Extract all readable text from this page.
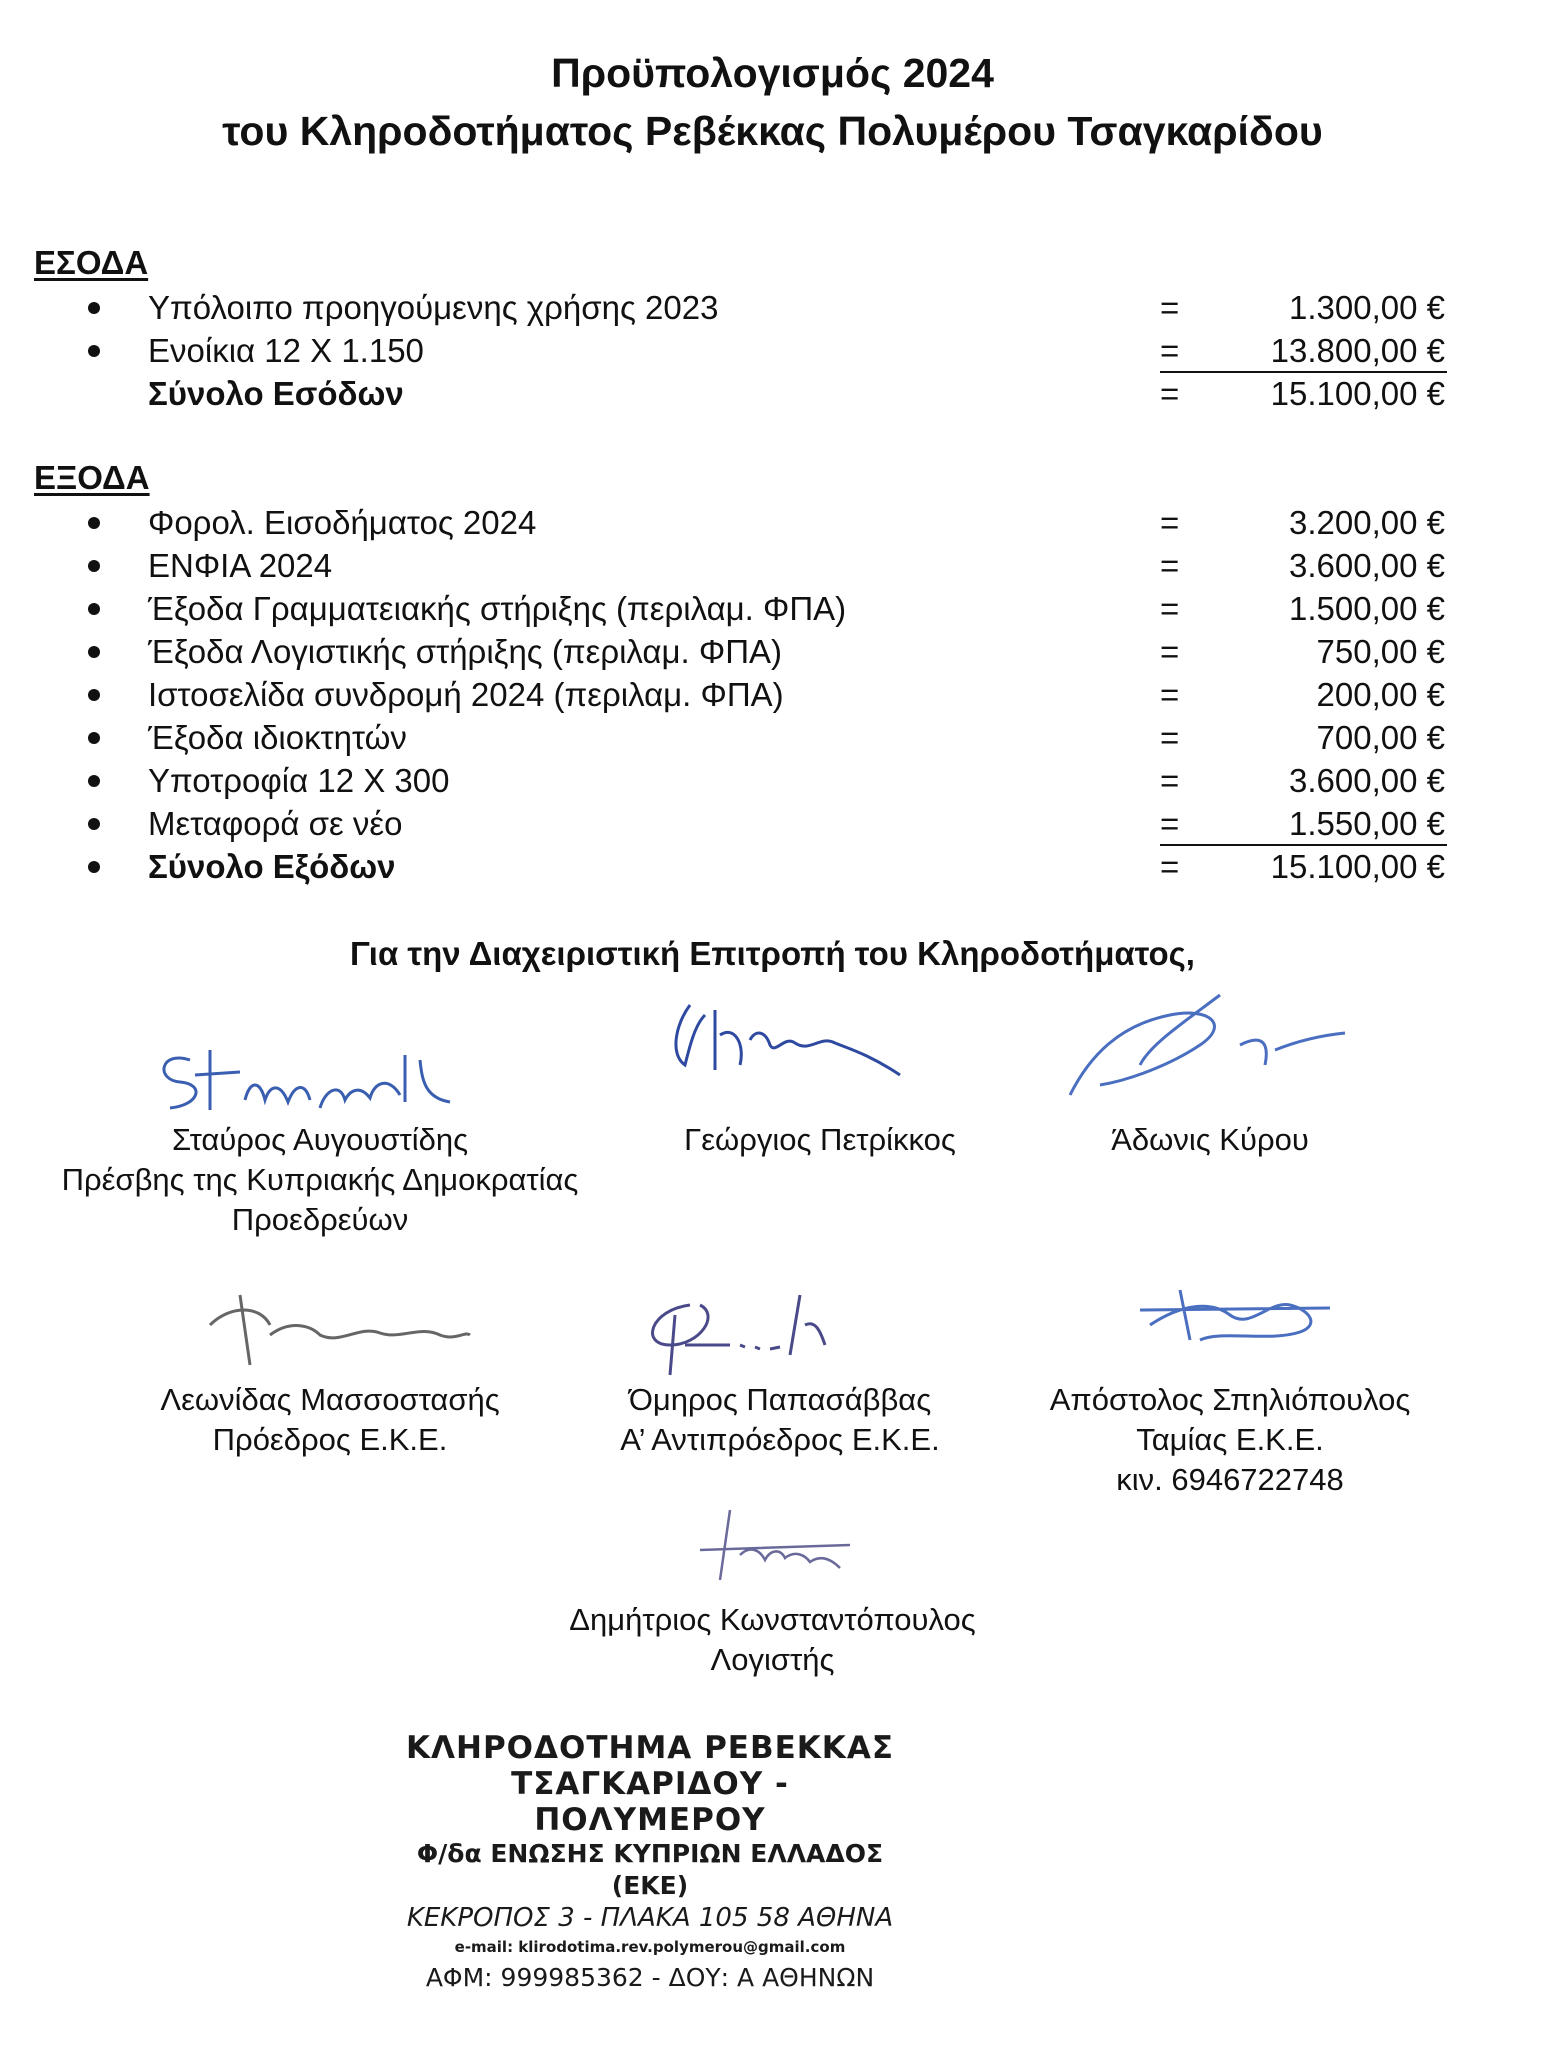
Προϋπολογισμός 2024
του Κληροδοτήματος Ρεβέκκας Πολυμέρου Τσαγκαρίδου
ΕΣΟΔΑ
Υπόλοιπο προηγούμενης χρήσης 2023	=	1.300,00 €
Ενοίκια 12 Χ 1.150	=	13.800,00 €
Σύνολο Εσόδων	=	15.100,00 €
ΕΞΟΔΑ
Φορολ. Εισοδήματος 2024	=	3.200,00 €
ΕΝΦΙΑ 2024	=	3.600,00 €
Έξοδα Γραμματειακής στήριξης (περιλαμ. ΦΠΑ)	=	1.500,00 €
Έξοδα Λογιστικής στήριξης (περιλαμ. ΦΠΑ)	=	750,00 €
Ιστοσελίδα συνδρομή 2024 (περιλαμ. ΦΠΑ)	=	200,00 €
Έξοδα ιδιοκτητών	=	700,00 €
Υποτροφία 12 Χ 300	=	3.600,00 €
Μεταφορά σε νέο	=	1.550,00 €
Σύνολο Εξόδων	=	15.100,00 €
Για την Διαχειριστική Επιτροπή του Κληροδοτήματος,
Σταύρος Αυγουστίδης
Πρέσβης της Κυπριακής Δημοκρατίας
Προεδρεύων
Γεώργιος Πετρίκκος	Άδωνις Κύρου
Λεωνίδας Μασσοστασής
Πρόεδρος Ε.Κ.Ε.
Όμηρος Παπασάββας
Α’ Αντιπρόεδρος Ε.Κ.Ε.
Απόστολος Σπηλιόπουλος
Ταμίας Ε.Κ.Ε.
κιν. 6946722748
Δημήτριος Κωνσταντόπουλος
Λογιστής
ΚΛΗΡΟΔΟΤΗΜΑ ΡΕΒΕΚΚΑΣ
ΤΣΑΓΚΑΡΙΔΟΥ - ΠΟΛΥΜΕΡΟΥ
Φ/δα ΕΝΩΣΗΣ ΚΥΠΡΙΩΝ ΕΛΛΑΔΟΣ (ΕΚΕ)
ΚΕΚΡΟΠΟΣ 3 - ΠΛΑΚΑ 105 58 ΑΘΗΝΑ
e-mail: klirodotima.rev.polymerou@gmail.com
ΑΦΜ: 999985362 - ΔΟΥ: Α ΑΘΗΝΩΝ
